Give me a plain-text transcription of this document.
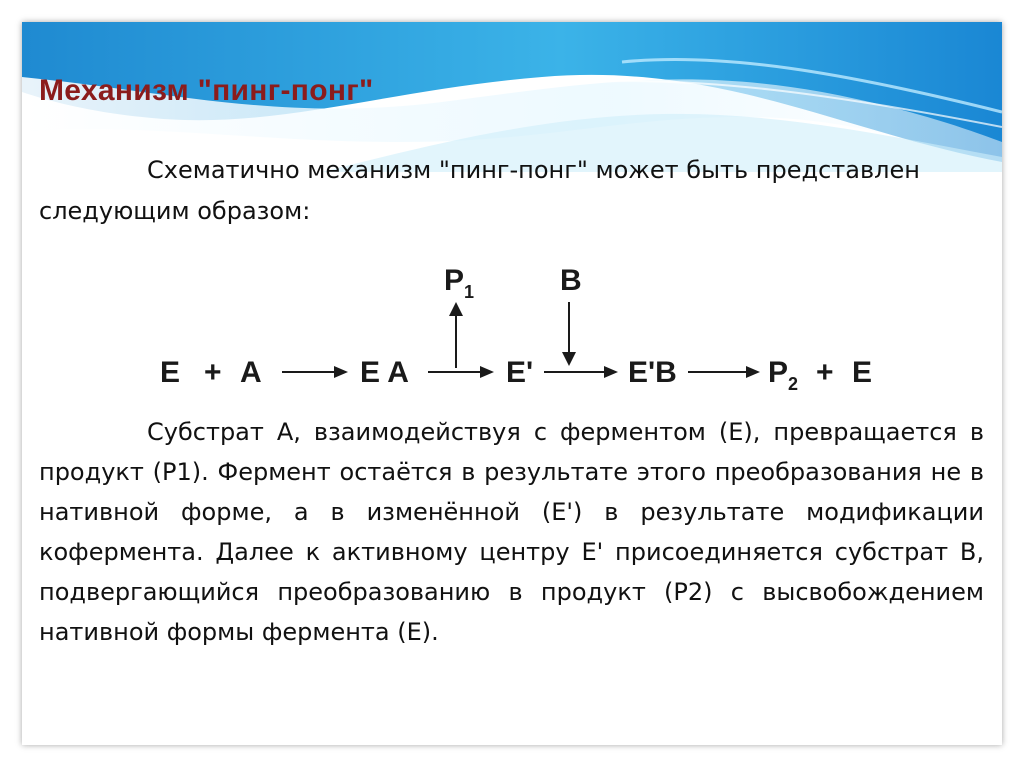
Механизм "пинг-понг"

Схематично механизм "пинг-понг" может быть представлен следующим образом:

$P_1$	B
E + A	E A	E'	E'B	$P_2 + E$

Субстрат А, взаимодействуя с ферментом (Е), превращается в продукт (Р1). Фермент остаётся в результате этого преобразования не в нативной форме, а в изменённой (Е') в результате модификации кофермента. Далее к активному центру Е' присоединяется субстрат В, подвергающийся преобразованию в продукт (Р2) с высвобождением нативной формы фермента (Е).
